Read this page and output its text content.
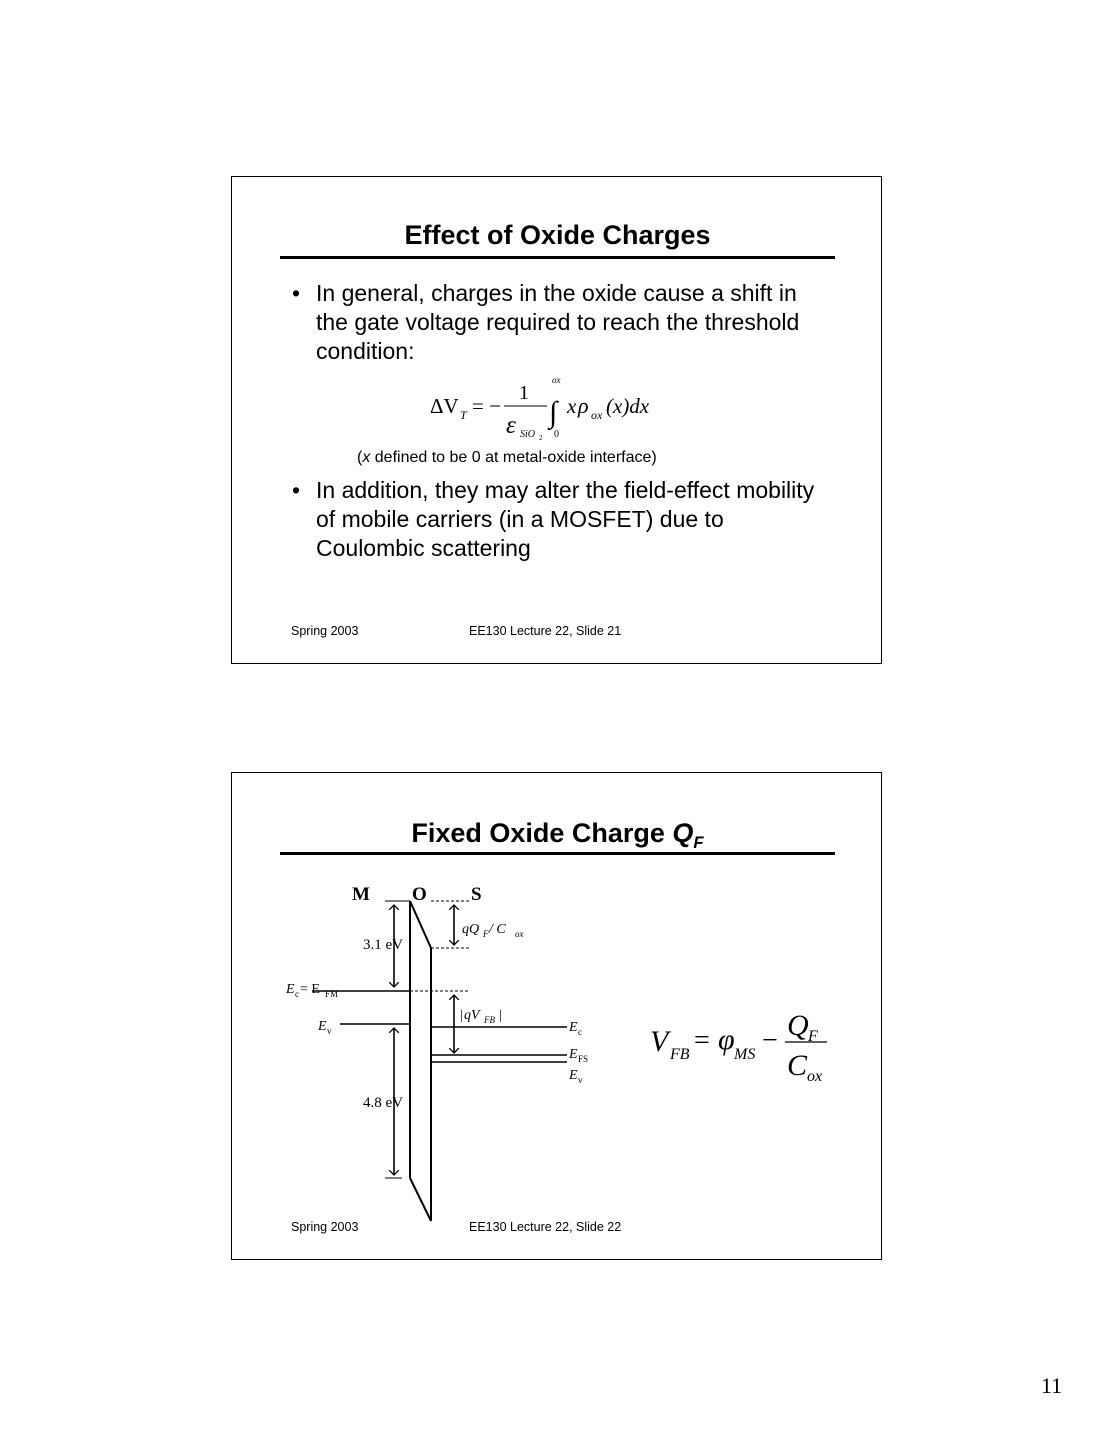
Effect of Oxide Charges

• In general, charges in the oxide cause a shift in the gate voltage required to reach the threshold condition:

ΔV T = −
1
ε SiO 2
ox
∫
0
x ρ ox (x)dx

(x defined to be 0 at metal-oxide interface)

• In addition, they may alter the field-effect mobility of mobile carriers (in a MOSFET) due to Coulombic scattering

Spring 2003	EE130 Lecture 22, Slide 21
Fixed Oxide Charge $Q_F$
M O S
3.1 eV
4.8 eV
E c = E FM
E v
qQ F / C ox
| qV FB |
E c
E FS
E v
V FB = φ MS − Q F
C ox
Spring 2003	EE130 Lecture 22, Slide 22
11
